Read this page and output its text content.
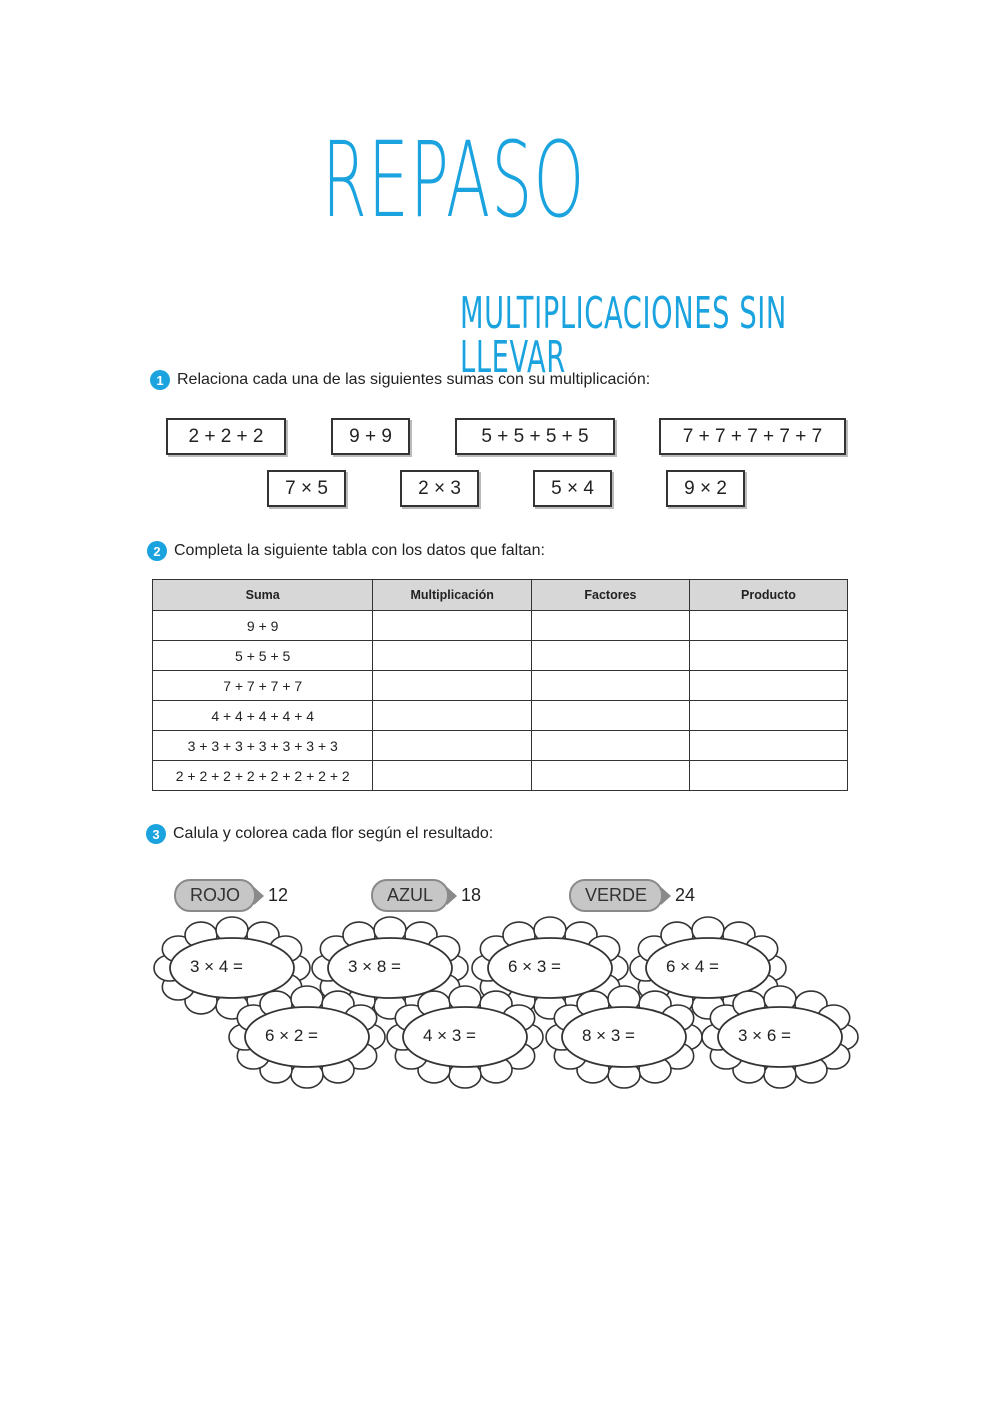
REPASO
MULTIPLICACIONES SIN LLEVAR
1 Relaciona cada una de las siguientes sumas con su multiplicación:
2 + 2 + 2	9 + 9	5 + 5 + 5 + 5	7 + 7 + 7 + 7 + 7
7 × 5	2 × 3	5 × 4	9 × 2
2 Completa la siguiente tabla con los datos que faltan:
Suma	Multiplicación	Factores	Producto
9 + 9			
5 + 5 + 5			
7 + 7 + 7 + 7			
4 + 4 + 4 + 4 + 4			
3 + 3 + 3 + 3 + 3 + 3 + 3			
2 + 2 + 2 + 2 + 2 + 2 + 2 + 2			
3 Calula y colorea cada flor según el resultado:
ROJO	12	AZUL	18	VERDE	24
3 × 4 =	3 × 8 =	6 × 3 =	6 × 4 =
6 × 2 =	4 × 3 =	8 × 3 =	3 × 6 =
